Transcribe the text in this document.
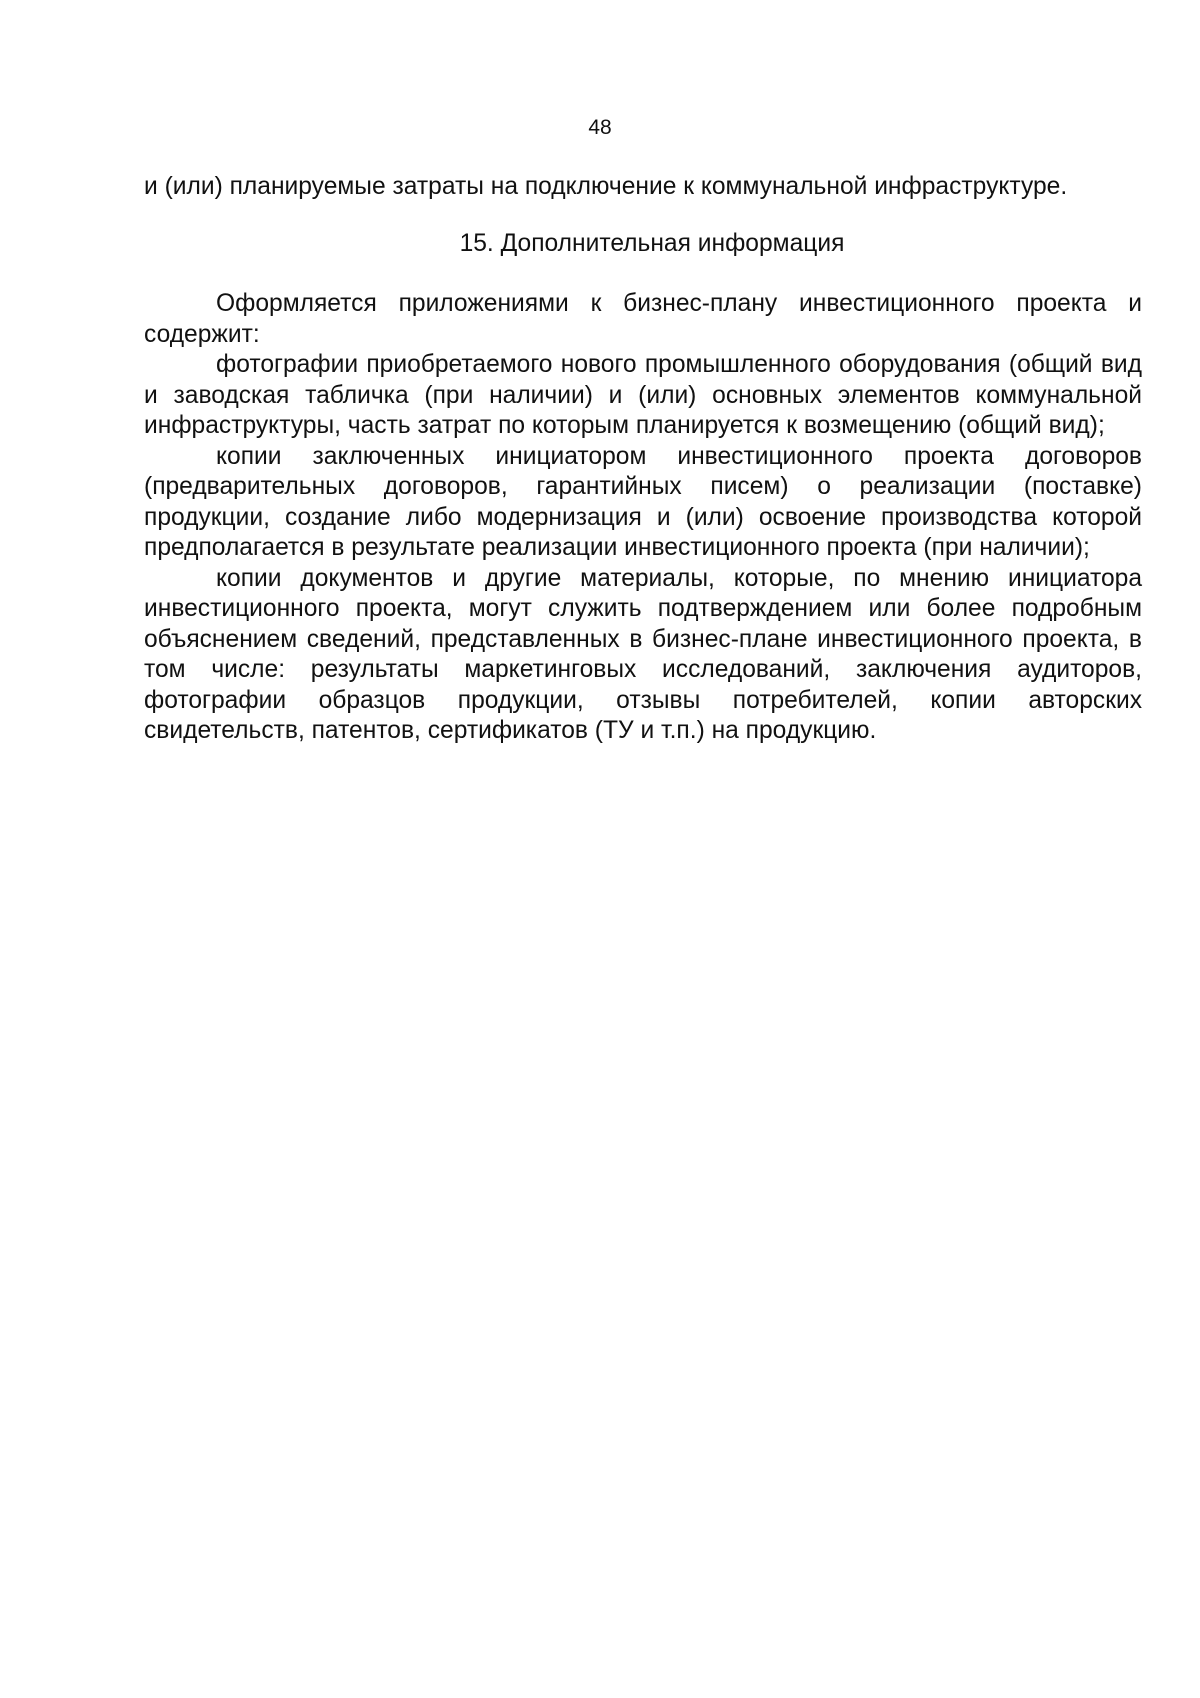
48

и (или) планируемые затраты на подключение к коммунальной инфраструктуре.

15. Дополнительная информация

Оформляется приложениями к бизнес-плану инвестиционного проекта и содержит:

фотографии приобретаемого нового промышленного оборудования (общий вид и заводская табличка (при наличии) и (или) основных элементов коммунальной инфраструктуры, часть затрат по которым планируется к возмещению (общий вид);

копии заключенных инициатором инвестиционного проекта договоров (предварительных договоров, гарантийных писем) о реализации (поставке) продукции, создание либо модернизация и (или) освоение производства которой предполагается в результате реализации инвестиционного проекта (при наличии);

копии документов и другие материалы, которые, по мнению инициатора инвестиционного проекта, могут служить подтверждением или более подробным объяснением сведений, представленных в бизнес-плане инвестиционного проекта, в том числе: результаты маркетинговых исследований, заключения аудиторов, фотографии образцов продукции, отзывы потребителей, копии авторских свидетельств, патентов, сертификатов (ТУ и т.п.) на продукцию.
